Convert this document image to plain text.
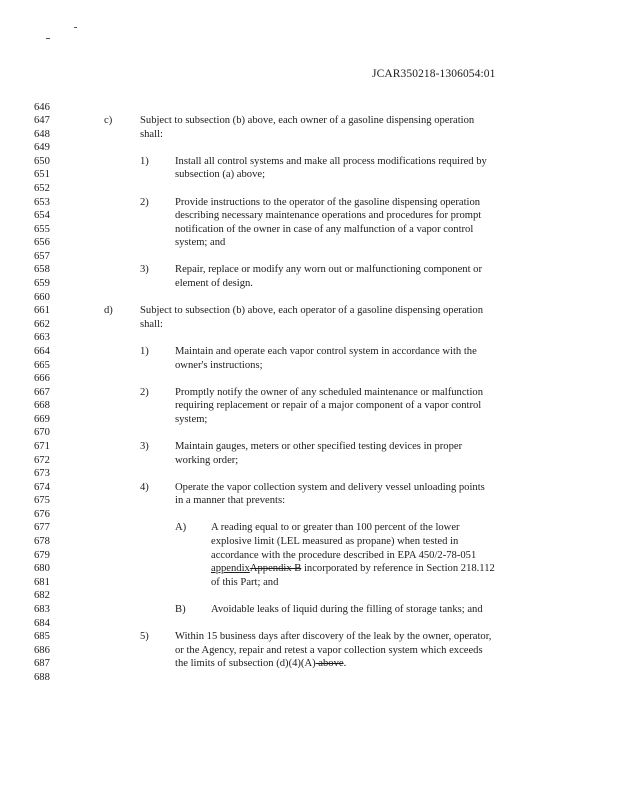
JCAR350218-1306054:01
646
647	c)	Subject to subsection (b) above, each owner of a gasoline dispensing operation
648	shall:
649
650	1) Install all control systems and make all process modifications required by
651	subsection (a) above;
652
653	2) Provide instructions to the operator of the gasoline dispensing operation
654	describing necessary maintenance operations and procedures for prompt
655	notification of the owner in case of any malfunction of a vapor control
656	system; and
657
658	3) Repair, replace or modify any worn out or malfunctioning component or
659	element of design.
660
661	d)	Subject to subsection (b) above, each operator of a gasoline dispensing operation
662	shall:
663
664	1) Maintain and operate each vapor control system in accordance with the
665	owner's instructions;
666
667	2) Promptly notify the owner of any scheduled maintenance or malfunction
668	requiring replacement or repair of a major component of a vapor control
669	system;
670
671	3) Maintain gauges, meters or other specified testing devices in proper
672	working order;
673
674	4) Operate the vapor collection system and delivery vessel unloading points
675	in a manner that prevents:
676
677	A) A reading equal to or greater than 100 percent of the lower
678	explosive limit (LEL measured as propane) when tested in
679	accordance with the procedure described in EPA 450/2-78-051
680	appendixAppendix B incorporated by reference in Section 218.112
681	of this Part; and
682
683	B) Avoidable leaks of liquid during the filling of storage tanks; and
684
685	5) Within 15 business days after discovery of the leak by the owner, operator,
686	or the Agency, repair and retest a vapor collection system which exceeds
687	the limits of subsection (d)(4)(A) above.
688
